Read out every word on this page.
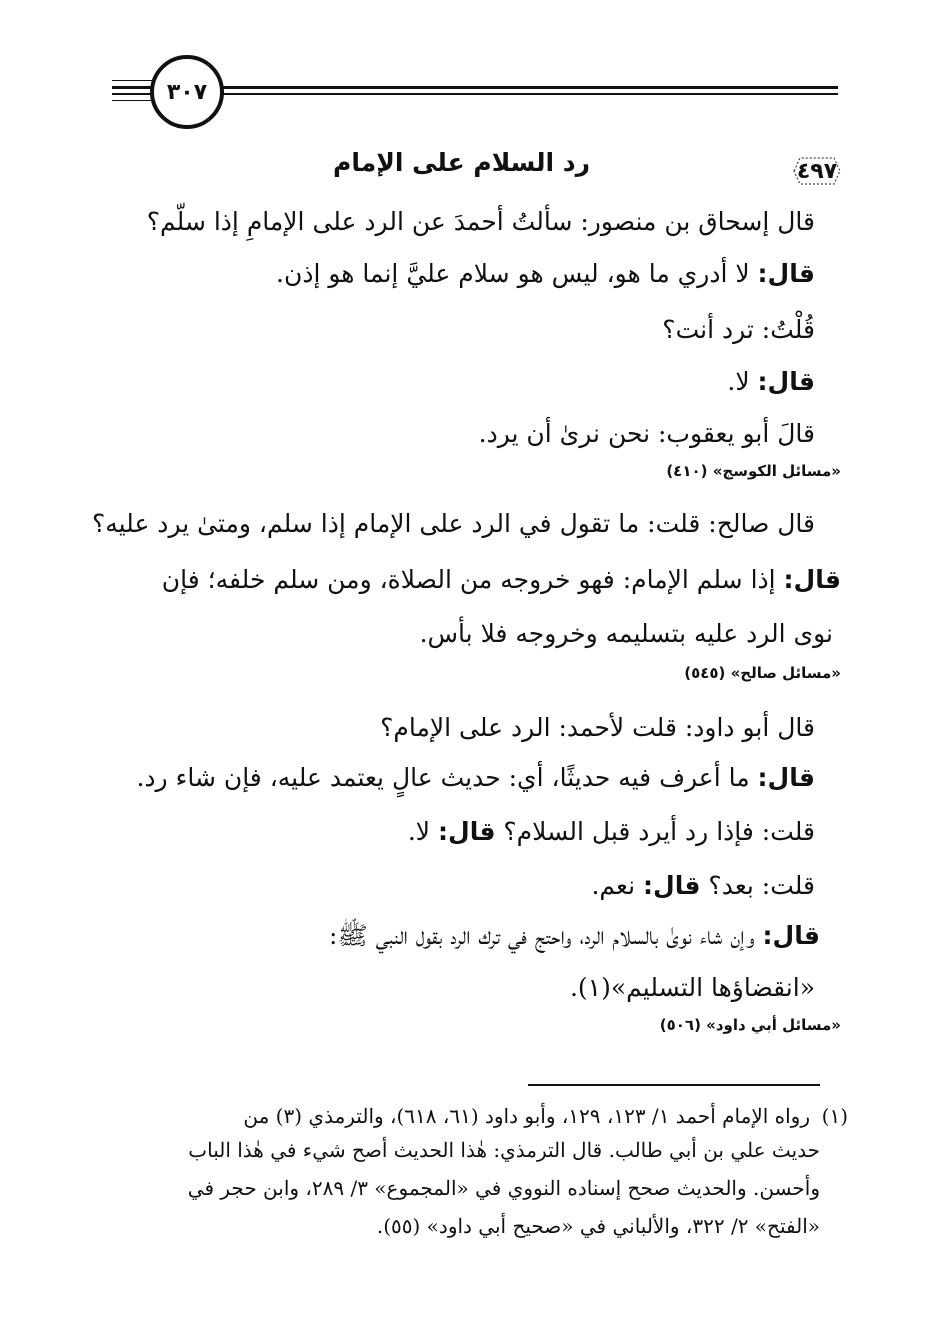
٣٠٧
٤٩٧
رد السلام على الإمام
قال إسحاق بن منصور: سألتُ أحمدَ عن الرد على الإمامِ إذا سلّم؟
قال: لا أدري ما هو، ليس هو سلام عليَّ إنما هو إذن.
قُلْتُ: ترد أنت؟
قال: لا.
قالَ أبو يعقوب: نحن نرىٰ أن يرد.
«مسائل الكوسج» (٤١٠)
قال صالح: قلت: ما تقول في الرد على الإمام إذا سلم، ومتىٰ يرد عليه؟
قال: إذا سلم الإمام: فهو خروجه من الصلاة، ومن سلم خلفه؛ فإن
نوى الرد عليه بتسليمه وخروجه فلا بأس.
«مسائل صالح» (٥٤٥)
قال أبو داود: قلت لأحمد: الرد على الإمام؟
قال: ما أعرف فيه حديثًا، أي: حديث عالٍ يعتمد عليه، فإن شاء رد.
قلت: فإذا رد أيرد قبل السلام؟ قال: لا.
قلت: بعد؟ قال: نعم.
قال: وإن شاء نوىٰ بالسلام الرد، واحتج في ترك الرد بقول النبي ﷺ:
«انقضاؤها التسليم»(١).
«مسائل أبي داود» (٥٠٦)
(١)
رواه الإمام أحمد ١/ ١٢٣، ١٢٩، وأبو داود (٦١، ٦١٨)، والترمذي (٣) من
حديث علي بن أبي طالب. قال الترمذي: هٰذا الحديث أصح شيء في هٰذا الباب
وأحسن. والحديث صحح إسناده النووي في «المجموع» ٣/ ٢٨٩، وابن حجر في
«الفتح» ٢/ ٣٢٢، والألباني في «صحيح أبي داود» (٥٥).
